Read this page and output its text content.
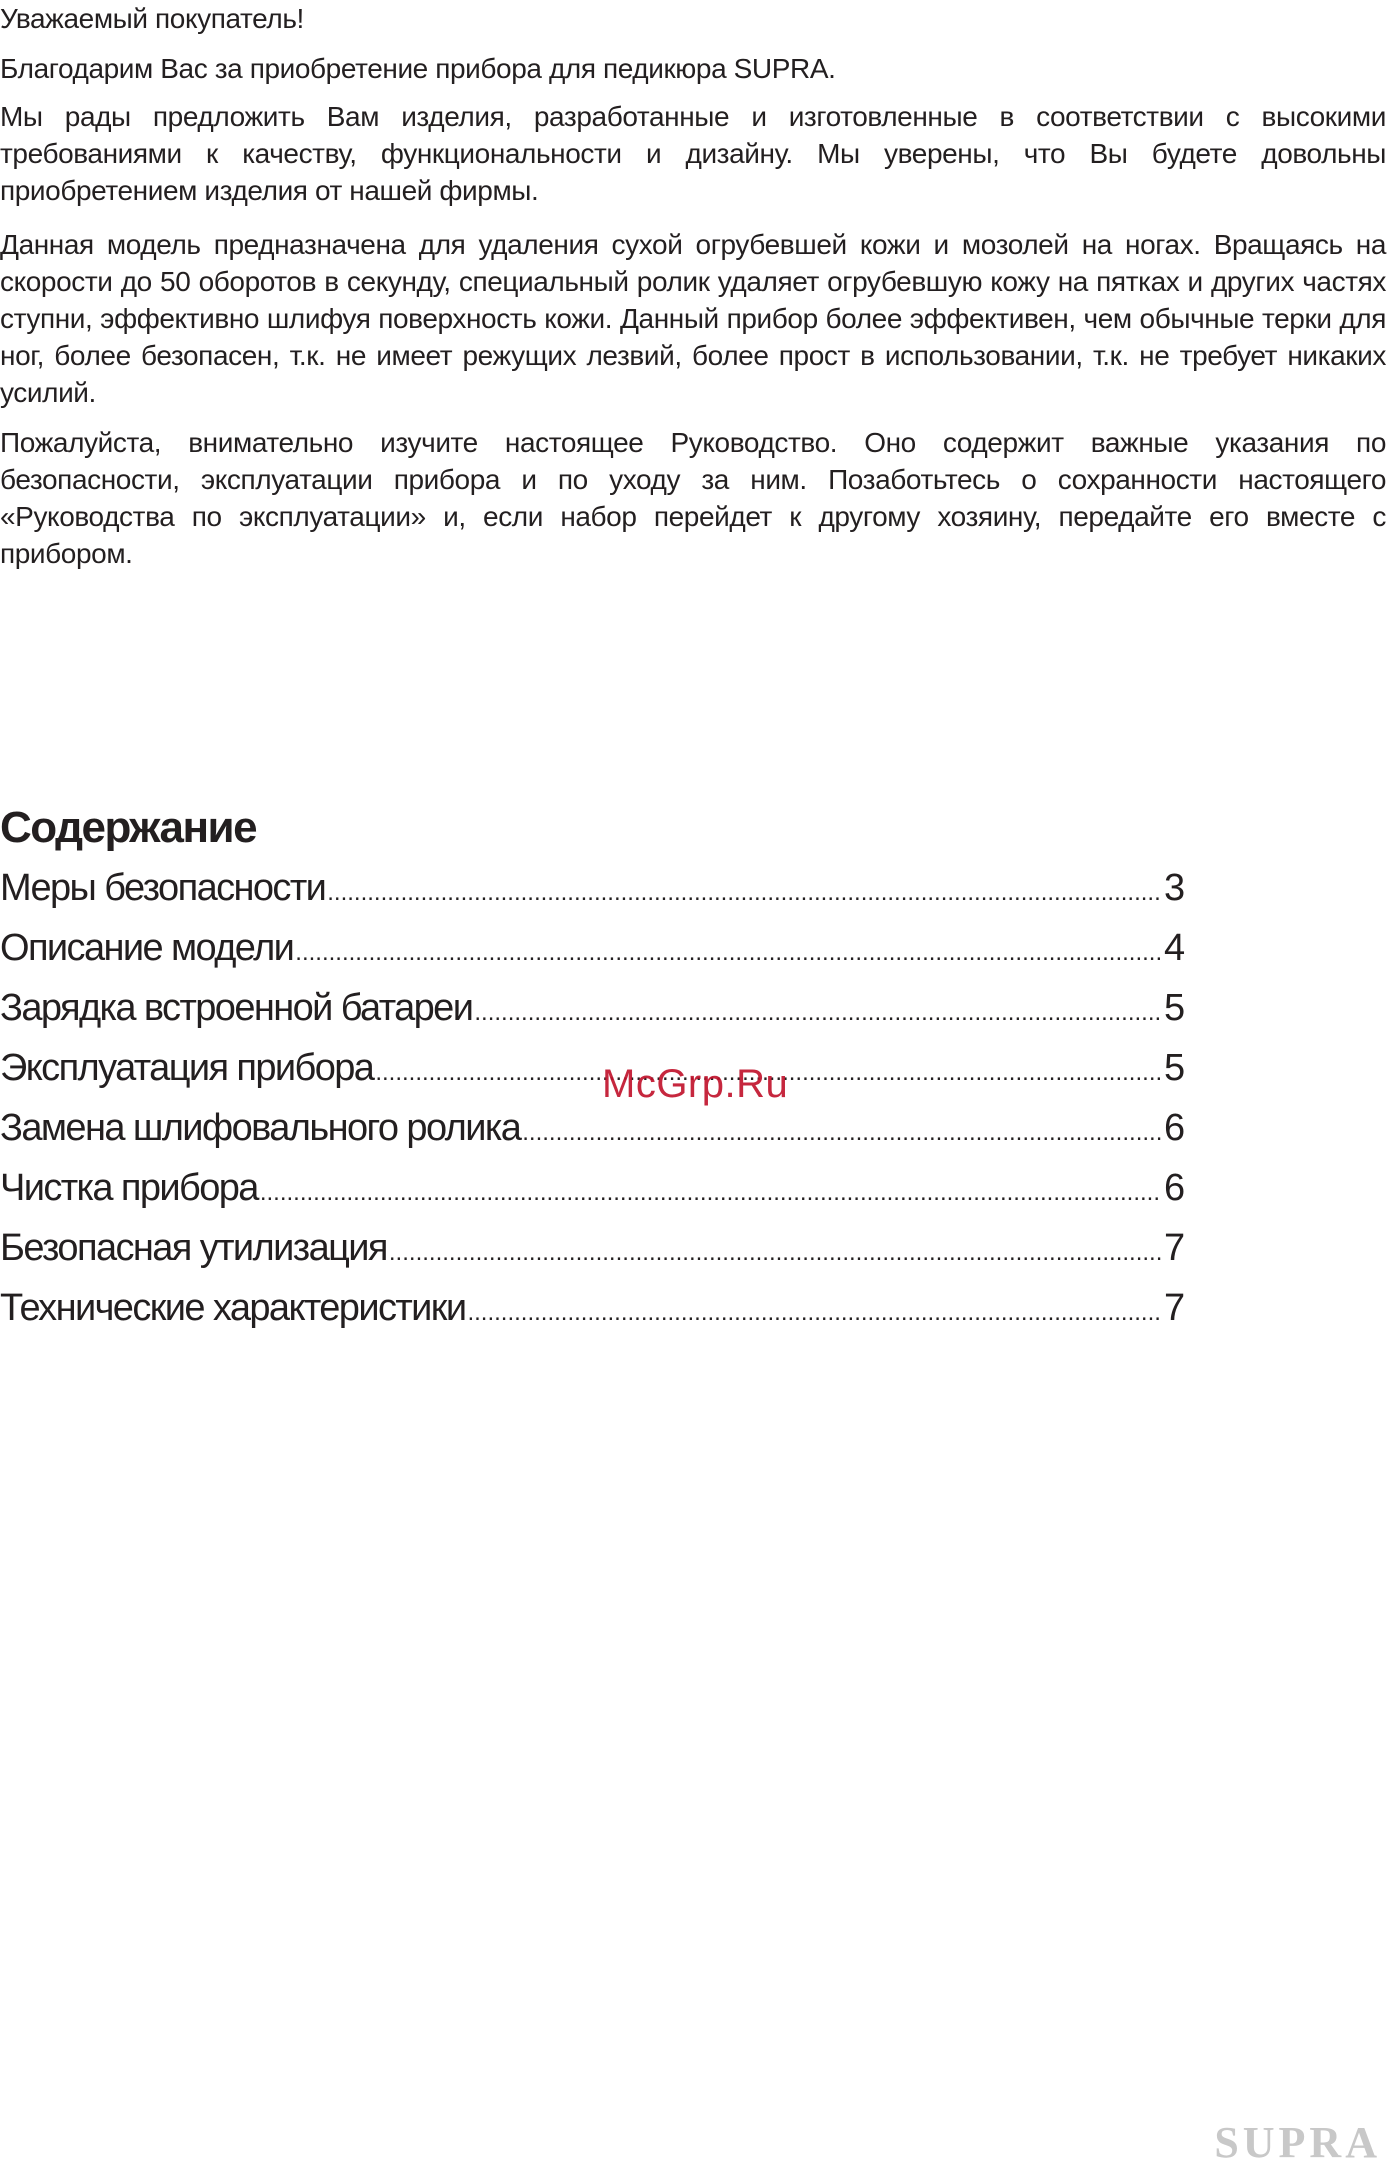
Уважаемый покупатель!

Благодарим Вас за приобретение прибора для педикюра SUPRA.

Мы рады предложить Вам изделия, разработанные и изготовленные в соответствии с высокими требованиями к качеству, функциональности и дизайну. Мы уверены, что Вы будете довольны приобретением изделия от нашей фирмы.

Данная модель предназначена для удаления сухой огрубевшей кожи и мозолей на ногах. Вращаясь на скорости до 50 оборотов в секунду, специальный ролик удаляет огрубевшую кожу на пятках и других частях ступни, эффективно шлифуя поверхность кожи. Данный прибор более эффективен, чем обычные терки для ног, более безопасен, т.к. не имеет режущих лезвий, более прост в использовании, т.к. не требует никаких усилий.

Пожалуйста, внимательно изучите настоящее Руководство. Оно содержит важные указания по безопасности, эксплуатации прибора и по уходу за ним. Позаботьтесь о сохранности настоящего «Руководства по эксплуатации» и, если набор перейдет к другому хозяину, передайте его вместе с прибором.

Содержание
Меры безопасности .....	3
Описание модели .....	4
Зарядка встроенной батареи .....	5
Эксплуатация прибора .....	5
Замена шлифовального ролика .....	6
Чистка прибора .....	6
Безопасная утилизация .....	7
Технические характеристики .....	7
McGrp.Ru
SUPRA
